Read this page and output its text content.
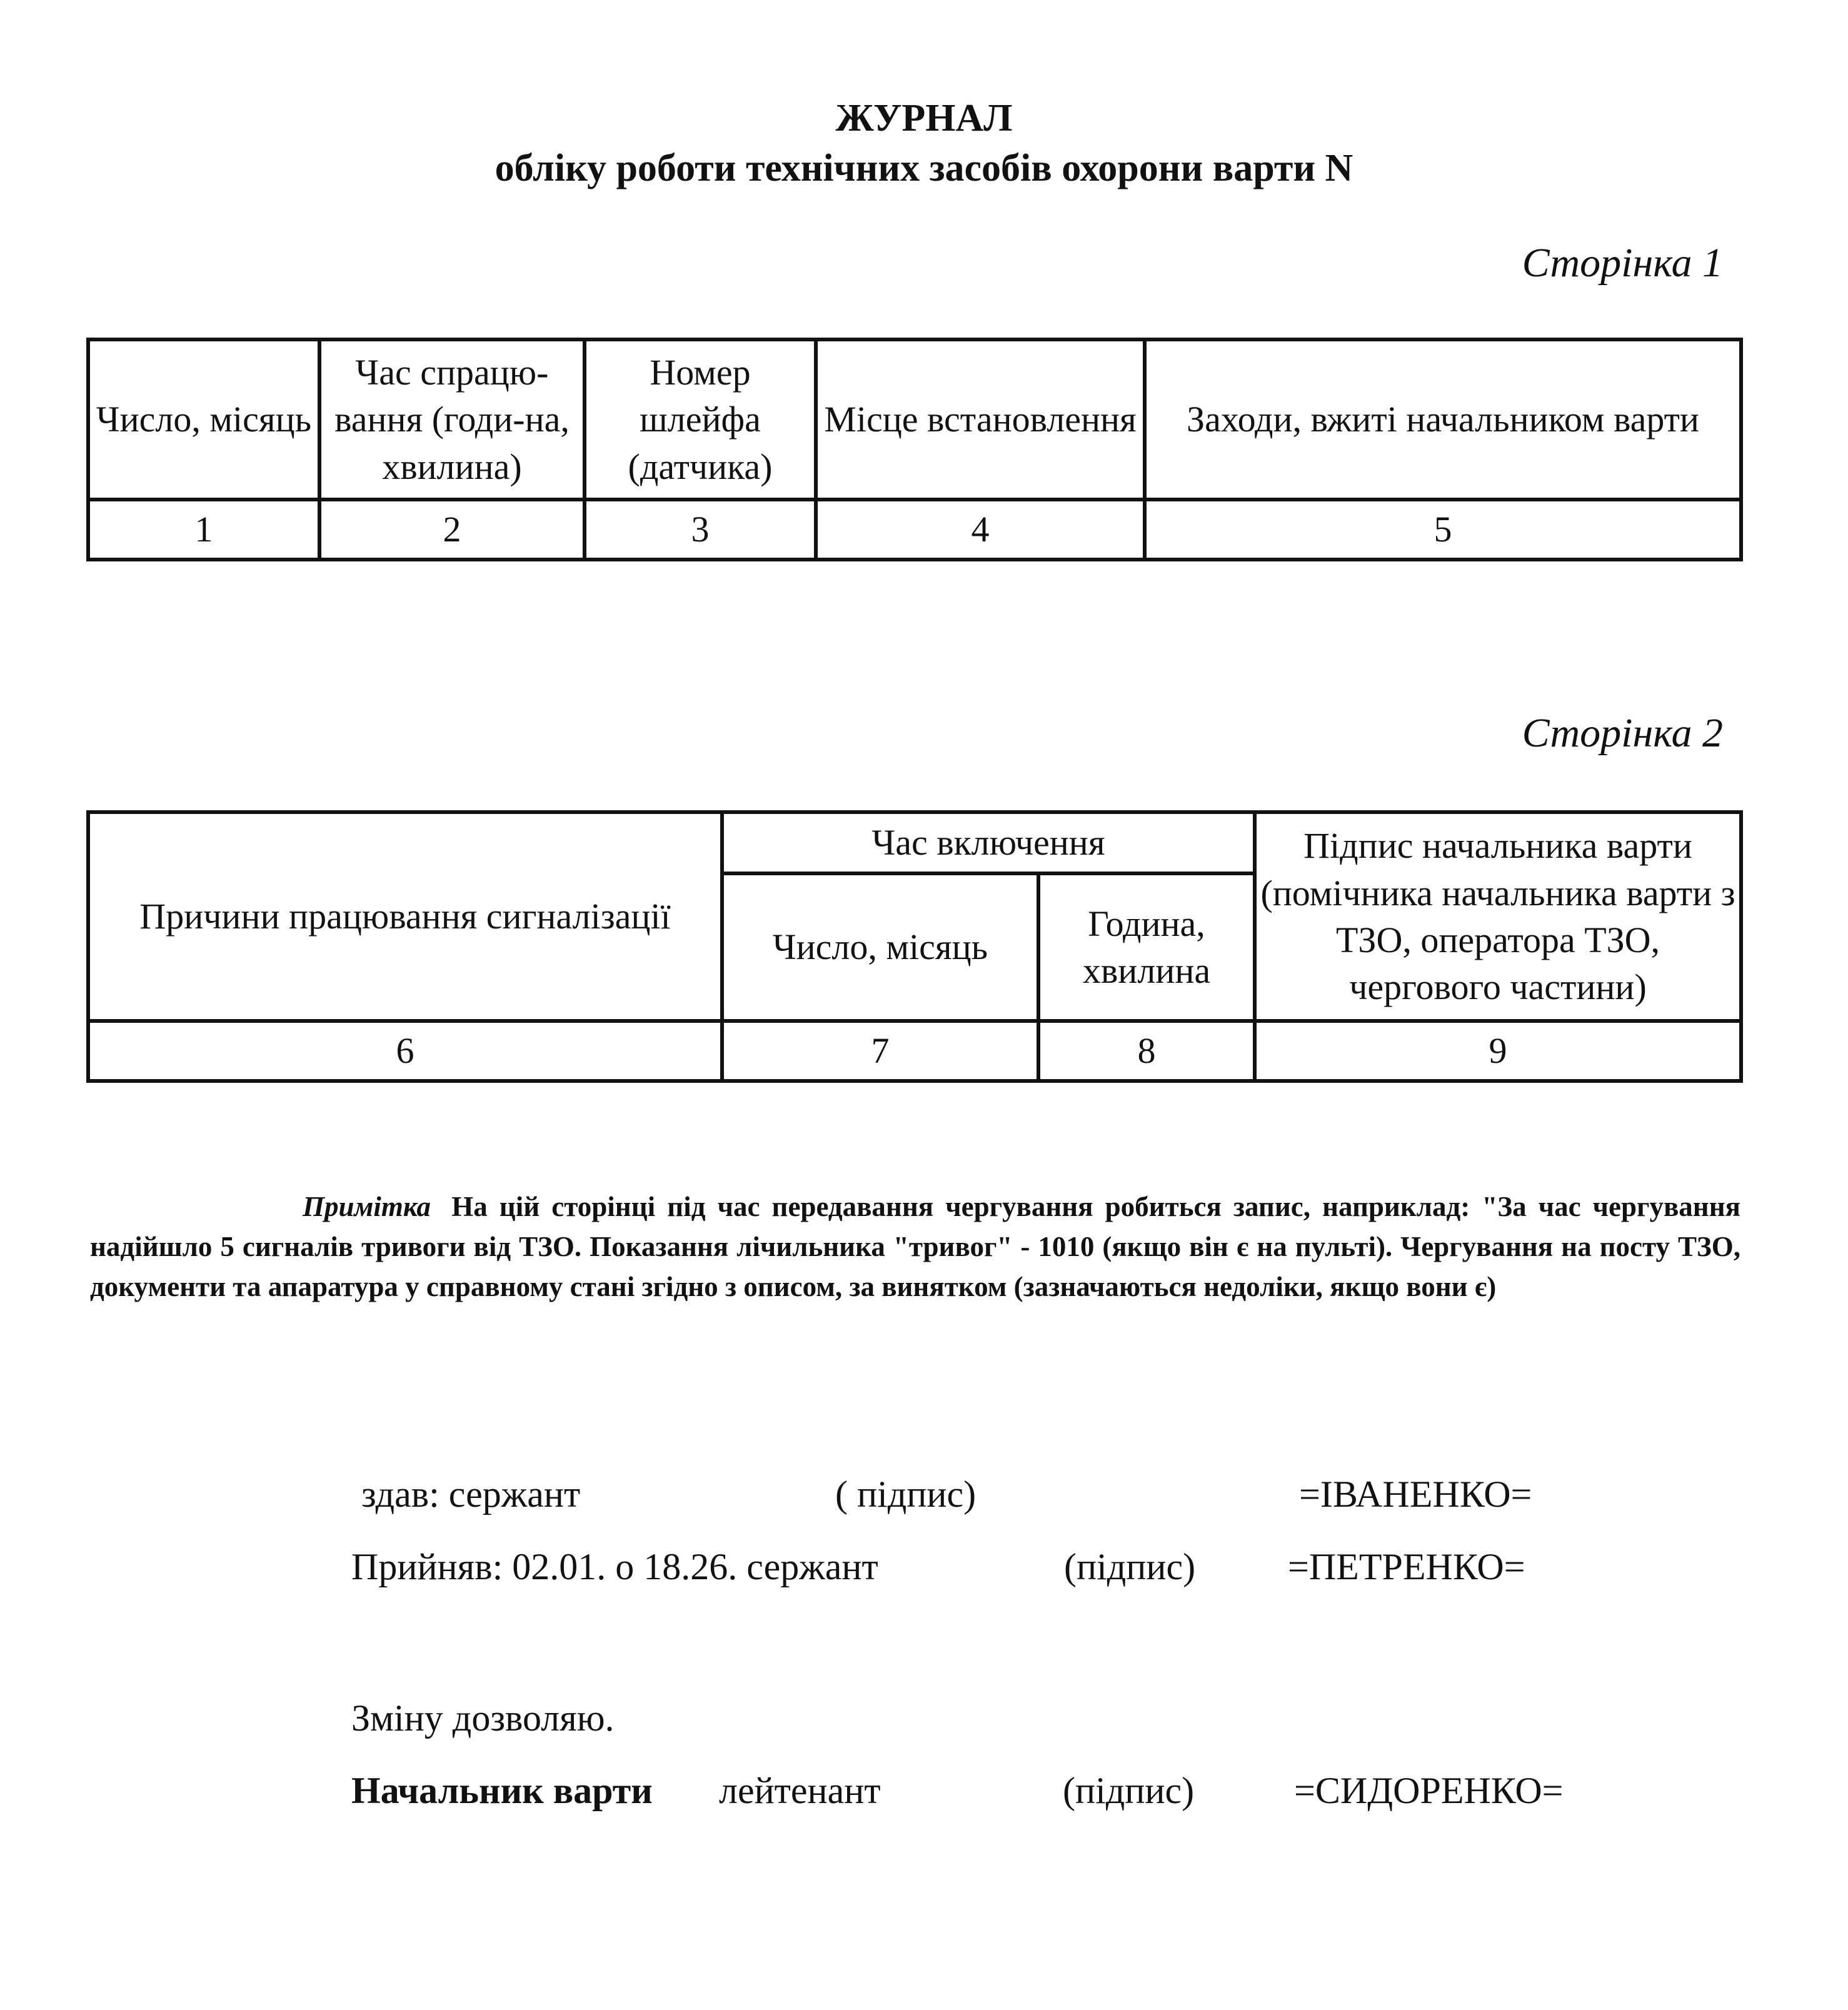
ЖУРНАЛ
обліку роботи технічних засобів охорони варти N
Сторінка 1
Число, місяць	Час спрацю-вання (годи-на, хвилина)	Номер шлейфа (датчика)	Місце встановлення	Заходи, вжиті начальником варти
1	2	3	4	5
Сторінка 2
Причини працювання сигналізації	Час включення		Підпис начальника варти (помічника начальника варти з ТЗО, оператора ТЗО, чергового частини)
	Число, місяць	Година, хвилина	
6	7	8	9
Примітка На цій сторінці під час передавання чергування робиться запис, наприклад: "За час чергування надійшло 5 сигналів тривоги від ТЗО. Показання лічильника "тривог" - 1010 (якщо він є на пульті). Чергування на посту ТЗО, документи та апаратура у справному стані згідно з описом, за винятком (зазначаються недоліки, якщо вони є)
здав: сержант	( підпис)	=ІВАНЕНКО=
Прийняв: 02.01. о 18.26. сержант	(підпис) =ПЕТРЕНКО=
Зміну дозволяю.
Начальник варти лейтенант	(підпис)	=СИДОРЕНКО=
